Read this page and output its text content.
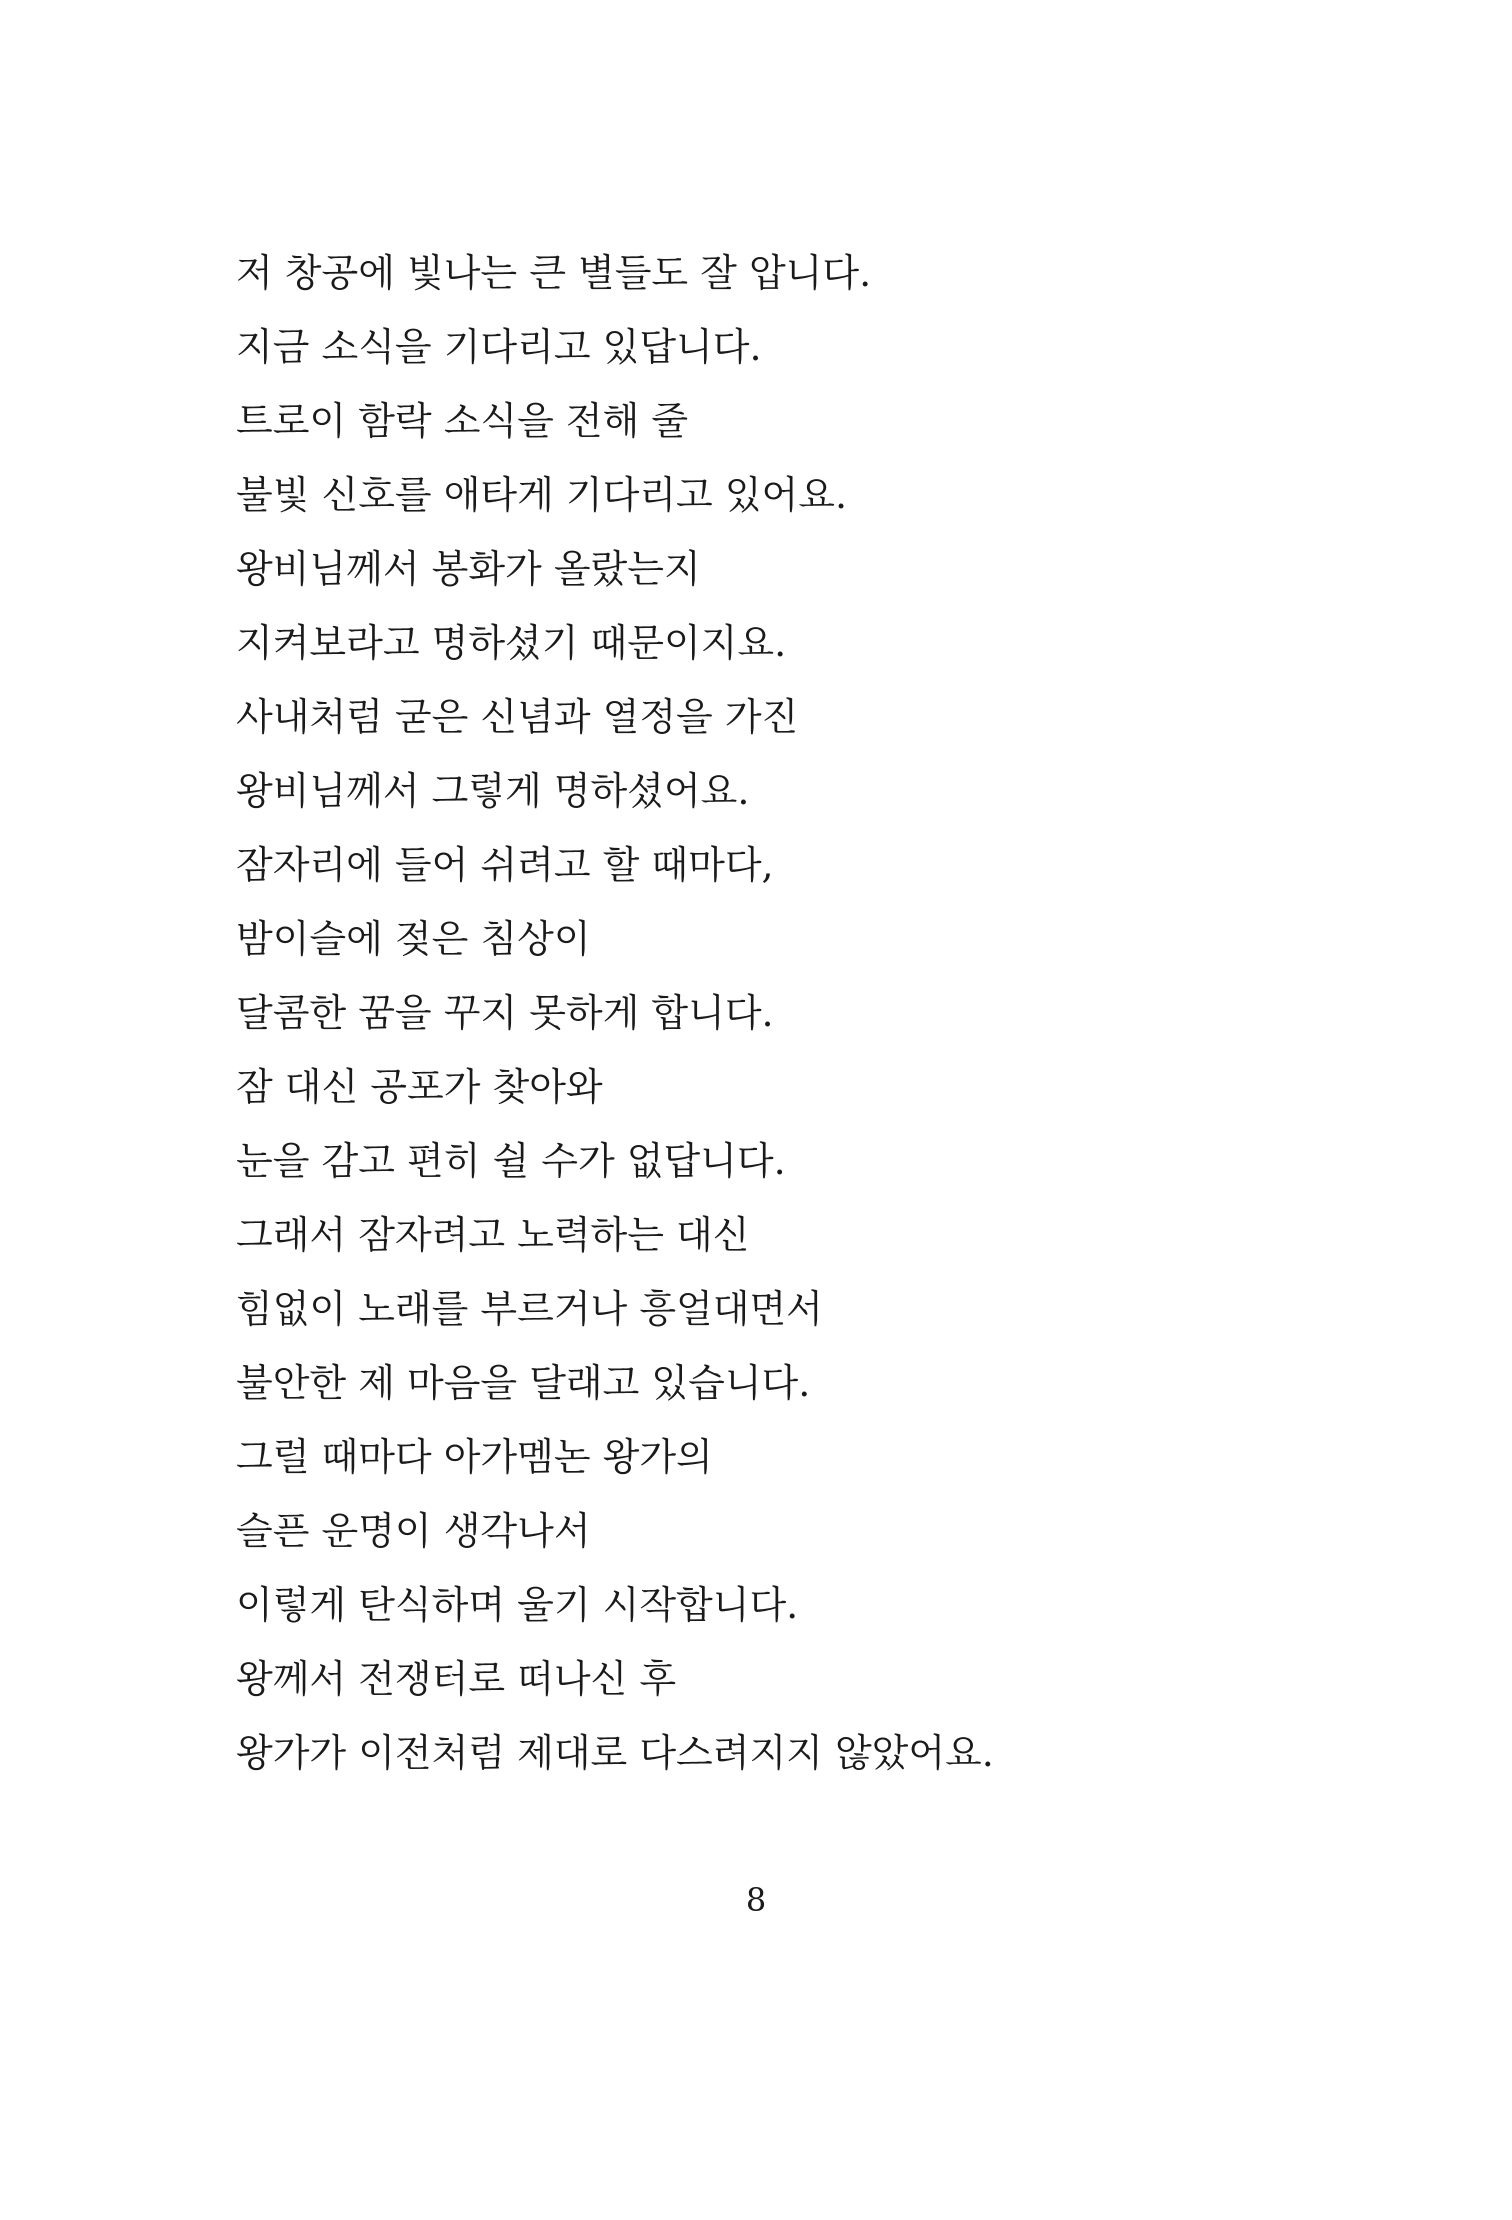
저 창공에 빛나는 큰 별들도 잘 압니다.
지금 소식을 기다리고 있답니다.
트로이 함락 소식을 전해 줄
불빛 신호를 애타게 기다리고 있어요.
왕비님께서 봉화가 올랐는지
지켜보라고 명하셨기 때문이지요.
사내처럼 굳은 신념과 열정을 가진
왕비님께서 그렇게 명하셨어요.
잠자리에 들어 쉬려고 할 때마다,
밤이슬에 젖은 침상이
달콤한 꿈을 꾸지 못하게 합니다.
잠 대신 공포가 찾아와
눈을 감고 편히 쉴 수가 없답니다.
그래서 잠자려고 노력하는 대신
힘없이 노래를 부르거나 흥얼대면서
불안한 제 마음을 달래고 있습니다.
그럴 때마다 아가멤논 왕가의
슬픈 운명이 생각나서
이렇게 탄식하며 울기 시작합니다.
왕께서 전쟁터로 떠나신 후
왕가가 이전처럼 제대로 다스려지지 않았어요.
8
